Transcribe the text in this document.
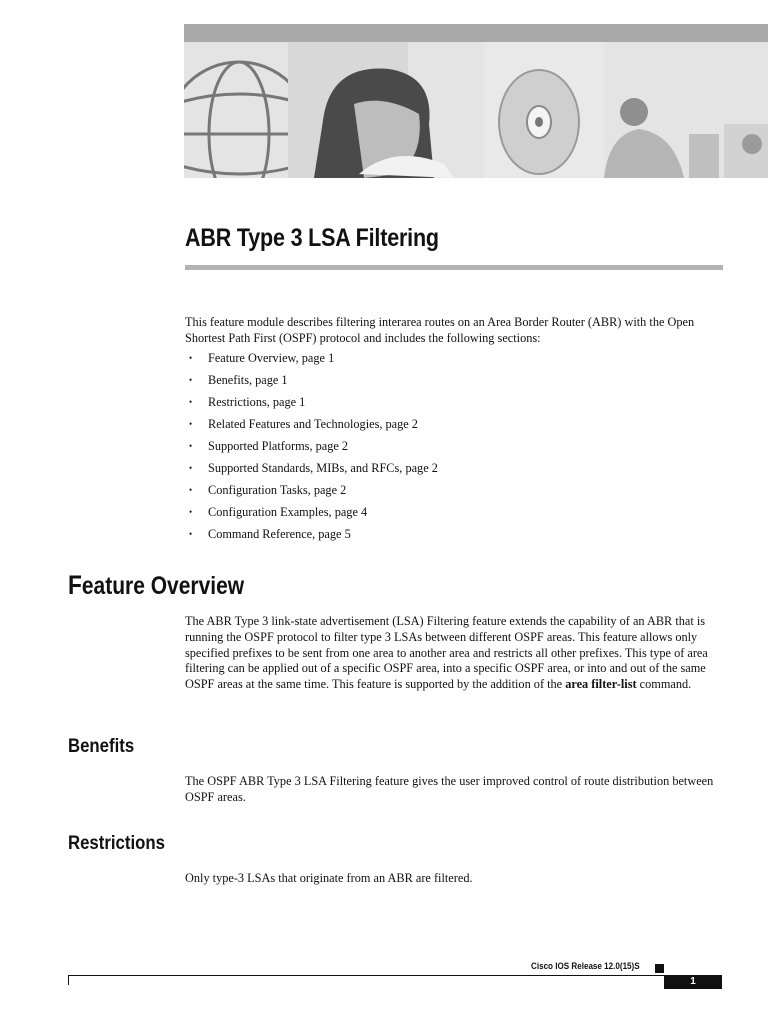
ABR Type 3 LSA Filtering

This feature module describes filtering interarea routes on an Area Border Router (ABR) with the Open Shortest Path First (OSPF) protocol and includes the following sections:

• Feature Overview, page 1
• Benefits, page 1
• Restrictions, page 1
• Related Features and Technologies, page 2
• Supported Platforms, page 2
• Supported Standards, MIBs, and RFCs, page 2
• Configuration Tasks, page 2
• Configuration Examples, page 4
• Command Reference, page 5
Feature Overview

The ABR Type 3 link-state advertisement (LSA) Filtering feature extends the capability of an ABR that is running the OSPF protocol to filter type 3 LSAs between different OSPF areas. This feature allows only specified prefixes to be sent from one area to another area and restricts all other prefixes. This type of area filtering can be applied out of a specific OSPF area, into a specific OSPF area, or into and out of the same OSPF areas at the same time. This feature is supported by the addition of the area filter-list command.

Benefits

The OSPF ABR Type 3 LSA Filtering feature gives the user improved control of route distribution between OSPF areas.

Restrictions

Only type-3 LSAs that originate from an ABR are filtered.

Cisco IOS Release 12.0(15)S
1
